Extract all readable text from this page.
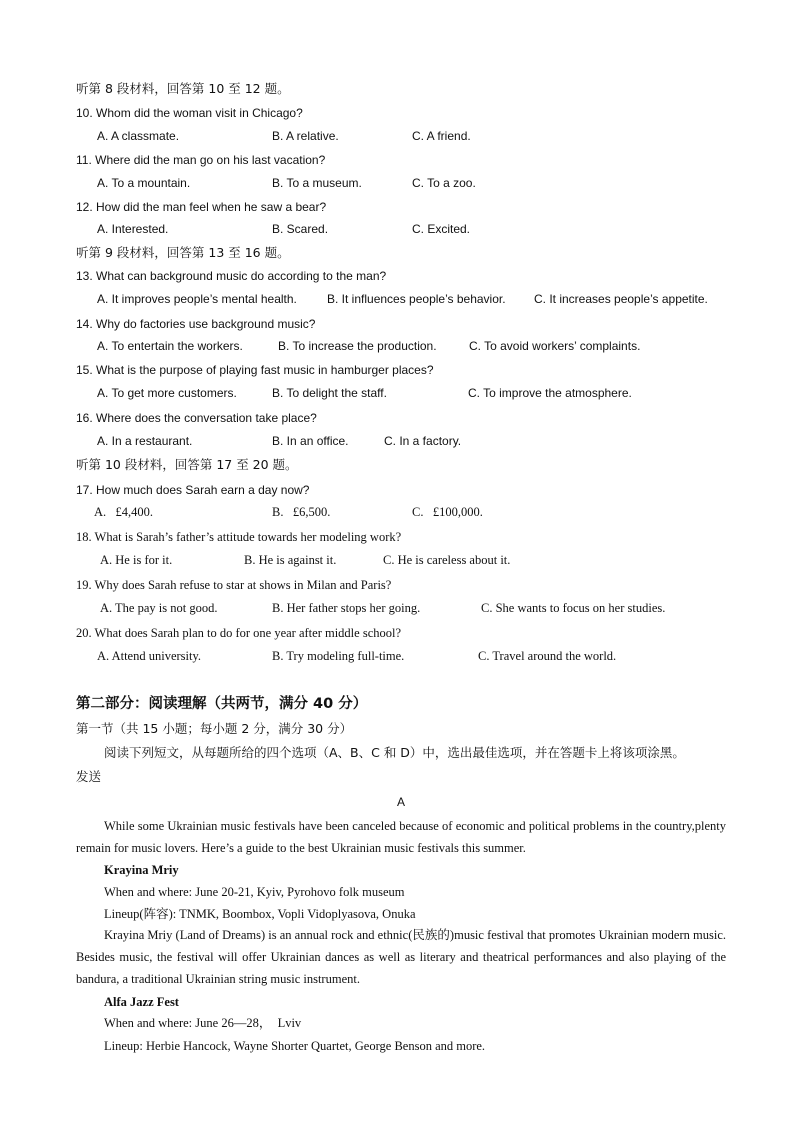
听第 8 段材料，回答第 10 至 12 题。
10. Whom did the woman visit in Chicago?
A. A classmate.	B. A relative.	C. A friend.
11. Where did the man go on his last vacation?
A. To a mountain.	B. To a museum.	C. To a zoo.
12. How did the man feel when he saw a bear?
A. Interested.	B. Scared.	C. Excited.
听第 9 段材料，回答第 13 至 16 题。
13. What can background music do according to the man?
A. It improves people’s mental health.	B. It influences people’s behavior. C. It increases people’s appetite.
14. Why do factories use background music?
A. To entertain the workers.	B. To increase the production.	C. To avoid workers’ complaints.
15. What is the purpose of playing fast music in hamburger places?
A. To get more customers.	B. To delight the staff.	C. To improve the atmosphere.
16. Where does the conversation take place?
A. In a restaurant.	B. In an office.	C. In a factory.
听第 10 段材料，回答第 17 至 20 题。
17. How much does Sarah earn a day now?
A.   £4,400.	B.   £6,500.	C.   £100,000.
18. What is Sarah’s father’s attitude towards her modeling work?
A. He is for it.	B. He is against it.	C. He is careless about it.
19. Why does Sarah refuse to star at shows in Milan and Paris?
A. The pay is not good.	B. Her father stops her going.	C. She wants to focus on her studies.
20. What does Sarah plan to do for one year after middle school?
A. Attend university.	B. Try modeling full-time.	C. Travel around the world.
第二部分：阅读理解（共两节，满分 40 分）
第一节（共 15 小题；每小题 2 分，满分 30 分）
阅读下列短文，从每题所给的四个选项（A、B、C 和 D）中，选出最佳选项，并在答题卡上将该项涂黑。
发送
A
While some Ukrainian music festivals have been canceled because of economic and political problems in the country,plenty remain for music lovers. Here’s a guide to the best Ukrainian music festivals this summer.
Krayina Mriy
When and where: June 20-21, Kyiv, Pyrohovo folk museum
Lineup(阵容): TNMK, Boombox, Vopli Vidoplyasova, Onuka
Krayina Mriy (Land of Dreams) is an annual rock and ethnic(民族的)music festival that promotes Ukrainian modern music. Besides music, the festival will offer Ukrainian dances as well as literary and theatrical performances and also playing of the bandura, a traditional Ukrainian string music instrument.
Alfa Jazz Fest
When and where: June 26—28，  Lviv
Lineup: Herbie Hancock, Wayne Shorter Quartet, George Benson and more.
